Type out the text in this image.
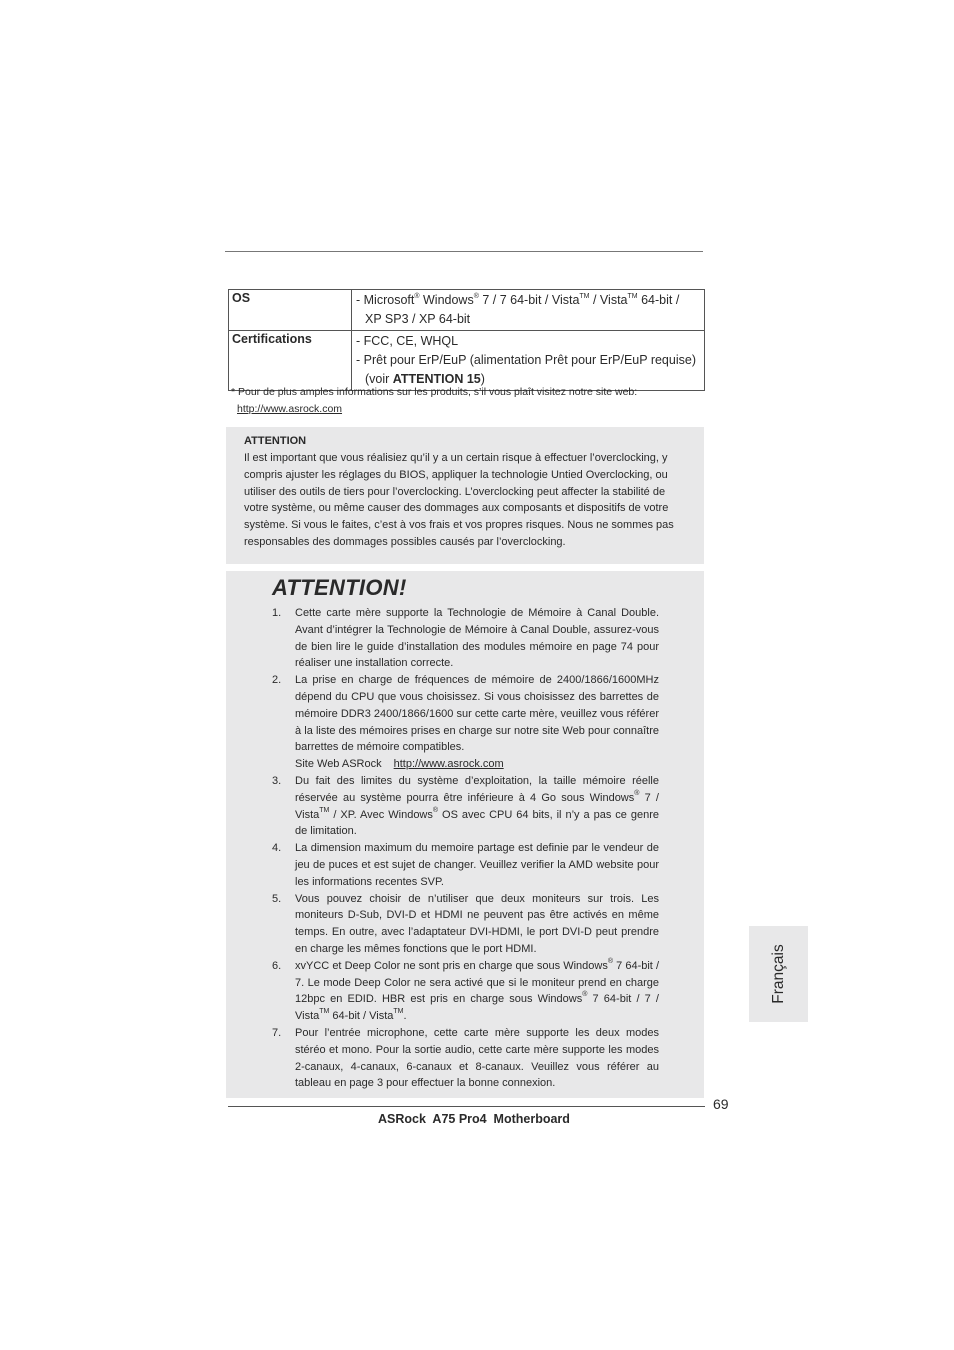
OS	- Microsoft® Windows® 7 / 7 64-bit / Vista™ / Vista™ 64-bit /
XP SP3 / XP 64-bit

Certifications	- FCC, CE, WHQL
- Prêt pour ErP/EuP (alimentation Prêt pour ErP/EuP requise)
(voir ATTENTION 15)
* Pour de plus amples informations sur les produits, s’il vous plaît visitez notre site web:
http://www.asrock.com
ATTENTION
Il est important que vous réalisiez qu’il y a un certain risque à effectuer l’overclocking, y compris ajuster les réglages du BIOS, appliquer la technologie Untied Overclocking, ou utiliser des outils de tiers pour l’overclocking. L’overclocking peut affecter la stabilité de votre système, ou même causer des dommages aux composants et dispositifs de votre système. Si vous le faites, c’est à vos frais et vos propres risques. Nous ne sommes pas responsables des dommages possibles causés par l’overclocking.
ATTENTION!
1. Cette carte mère supporte la Technologie de Mémoire à Canal Double. Avant d’intégrer la Technologie de Mémoire à Canal Double, assurez-vous de bien lire le guide d’installation des modules mémoire en page 74 pour réaliser une installation correcte.
2. La prise en charge de fréquences de mémoire de 2400/1866/1600MHz dépend du CPU que vous choisissez. Si vous choisissez des barrettes de mémoire DDR3 2400/1866/1600 sur cette carte mère, veuillez vous référer à la liste des mémoires prises en charge sur notre site Web pour connaître barrettes de mémoire compatibles.
Site Web ASRock http://www.asrock.com
3. Du fait des limites du système d’exploitation, la taille mémoire réelle réservée au système pourra être inférieure à 4 Go sous Windows® 7 / Vista™ / XP. Avec Windows® OS avec CPU 64 bits, il n’y a pas ce genre de limitation.
4. La dimension maximum du memoire partage est definie par le vendeur de jeu de puces et est sujet de changer. Veuillez verifier la AMD website pour les informations recentes SVP.
5. Vous pouvez choisir de n’utiliser que deux moniteurs sur trois. Les moniteurs D-Sub, DVI-D et HDMI ne peuvent pas être activés en même temps. En outre, avec l’adaptateur DVI-HDMI, le port DVI-D peut prendre en charge les mêmes fonctions que le port HDMI.
6. xvYCC et Deep Color ne sont pris en charge que sous Windows® 7 64-bit / 7. Le mode Deep Color ne sera activé que si le moniteur prend en charge 12bpc en EDID. HBR est pris en charge sous Windows® 7 64-bit / 7 / Vista™ 64-bit / Vista™.
7. Pour l’entrée microphone, cette carte mère supporte les deux modes stéréo et mono. Pour la sortie audio, cette carte mère supporte les modes 2-canaux, 4-canaux, 6-canaux et 8-canaux. Veuillez vous référer au tableau en page 3 pour effectuer la bonne connexion.
69
ASRock  A75 Pro4  Motherboard
Français
